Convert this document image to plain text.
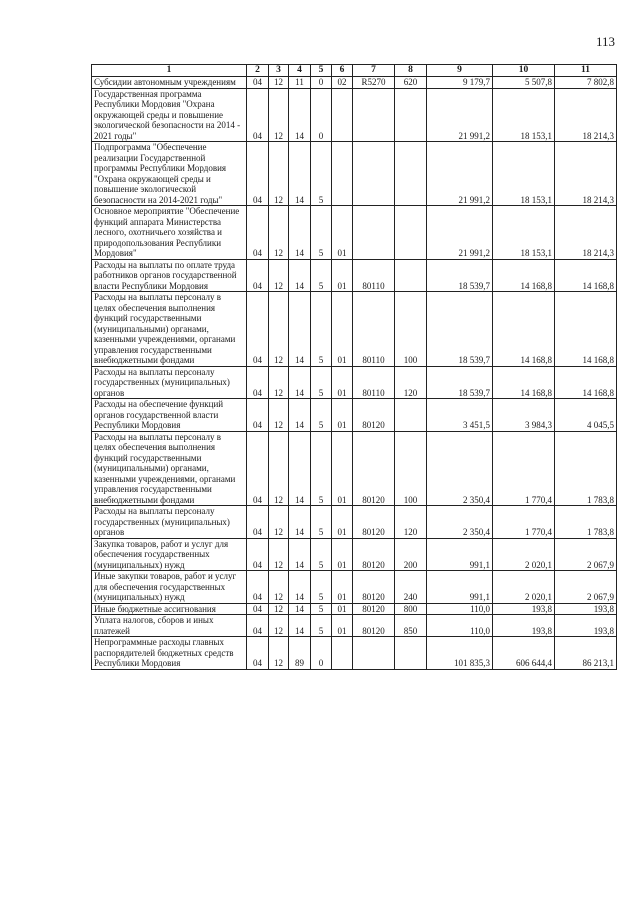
113
1	2	3	4	5	6	7	8	9	10	11
Субсидии автономным учреждениям	04	12	11	0	02	R5270	620	9 179,7	5 507,8	7 802,8
Государственная программа Республики Мордовия "Охрана окружающей среды и повышение экологической безопасности на 2014 - 2021 годы"	04	12	14	0				21 991,2	18 153,1	18 214,3
Подпрограмма "Обеспечение реализации Государственной программы Республики Мордовия "Охрана окружающей среды и повышение экологической безопасности на 2014-2021 годы"	04	12	14	5				21 991,2	18 153,1	18 214,3
Основное мероприятие "Обеспечение функций аппарата Министерства лесного, охотничьего хозяйства и природопользования Республики Мордовия"	04	12	14	5	01			21 991,2	18 153,1	18 214,3
Расходы на выплаты по оплате труда работников органов государственной власти Республики Мордовия	04	12	14	5	01	80110		18 539,7	14 168,8	14 168,8
Расходы на выплаты персоналу в целях обеспечения выполнения функций государственными (муниципальными) органами, казенными учреждениями, органами управления государственными внебюджетными фондами	04	12	14	5	01	80110	100	18 539,7	14 168,8	14 168,8
Расходы на выплаты персоналу государственных (муниципальных) органов	04	12	14	5	01	80110	120	18 539,7	14 168,8	14 168,8
Расходы на обеспечение функций органов государственной власти Республики Мордовия	04	12	14	5	01	80120		3 451,5	3 984,3	4 045,5
Расходы на выплаты персоналу в целях обеспечения выполнения функций государственными (муниципальными) органами, казенными учреждениями, органами управления государственными внебюджетными фондами	04	12	14	5	01	80120	100	2 350,4	1 770,4	1 783,8
Расходы на выплаты персоналу государственных (муниципальных) органов	04	12	14	5	01	80120	120	2 350,4	1 770,4	1 783,8
Закупка товаров, работ и услуг для обеспечения государственных (муниципальных) нужд	04	12	14	5	01	80120	200	991,1	2 020,1	2 067,9
Иные закупки товаров, работ и услуг для обеспечения государственных (муниципальных) нужд	04	12	14	5	01	80120	240	991,1	2 020,1	2 067,9
Иные бюджетные ассигнования	04	12	14	5	01	80120	800	110,0	193,8	193,8
Уплата налогов, сборов и иных платежей	04	12	14	5	01	80120	850	110,0	193,8	193,8
Непрограммные расходы главных распорядителей бюджетных средств Республики Мордовия	04	12	89	0				101 835,3	606 644,4	86 213,1
